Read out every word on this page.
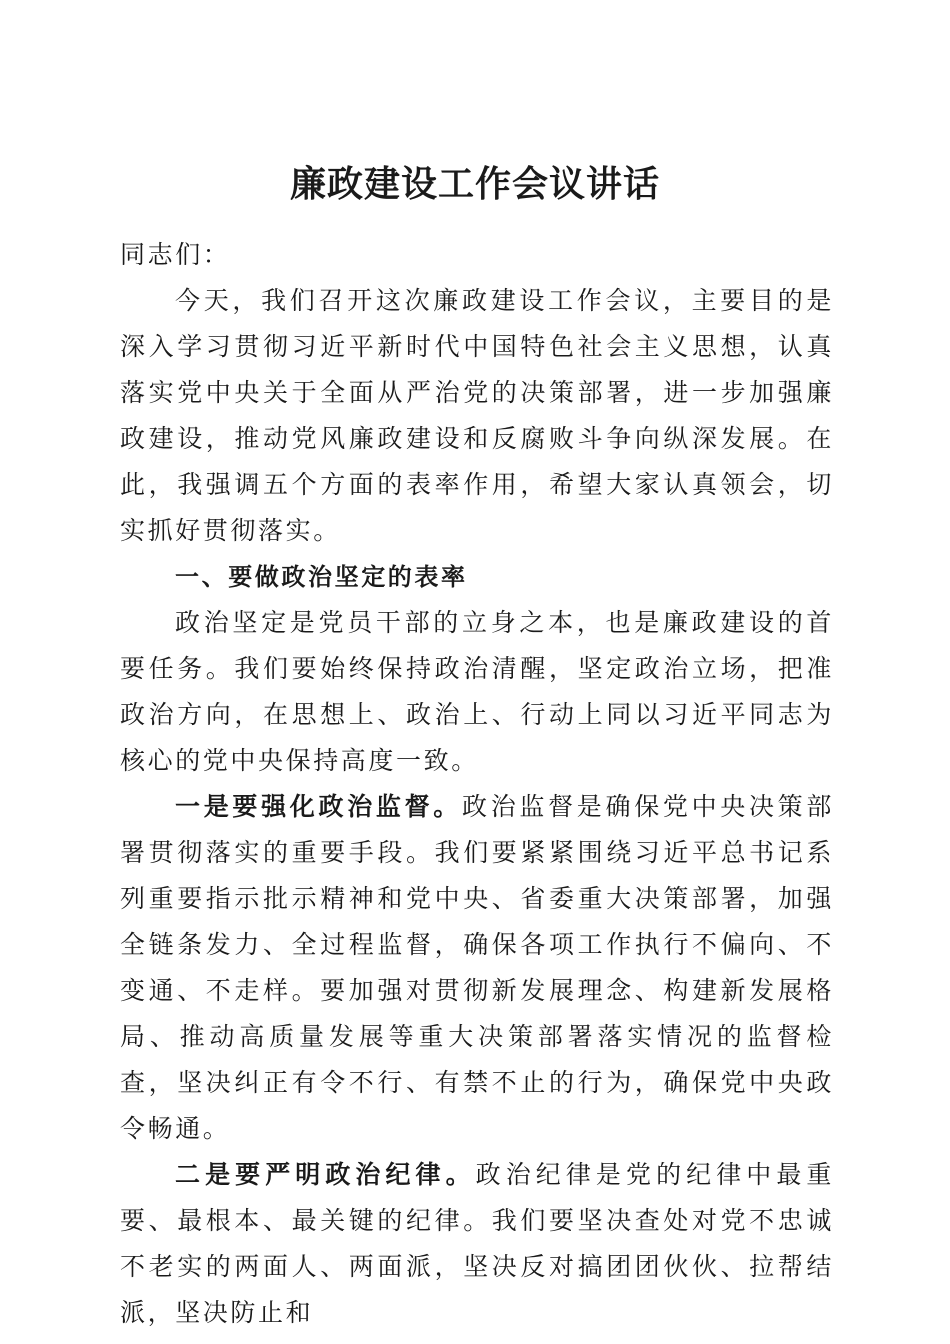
廉政建设工作会议讲话

同志们：

今天，我们召开这次廉政建设工作会议，主要目的是深入学习贯彻习近平新时代中国特色社会主义思想，认真落实党中央关于全面从严治党的决策部署，进一步加强廉政建设，推动党风廉政建设和反腐败斗争向纵深发展。在此，我强调五个方面的表率作用，希望大家认真领会，切实抓好贯彻落实。

一、要做政治坚定的表率

政治坚定是党员干部的立身之本，也是廉政建设的首要任务。我们要始终保持政治清醒，坚定政治立场，把准政治方向，在思想上、政治上、行动上同以习近平同志为核心的党中央保持高度一致。

一是要强化政治监督。政治监督是确保党中央决策部署贯彻落实的重要手段。我们要紧紧围绕习近平总书记系列重要指示批示精神和党中央、省委重大决策部署，加强全链条发力、全过程监督，确保各项工作执行不偏向、不变通、不走样。要加强对贯彻新发展理念、构建新发展格局、推动高质量发展等重大决策部署落实情况的监督检查，坚决纠正有令不行、有禁不止的行为，确保党中央政令畅通。

二是要严明政治纪律。政治纪律是党的纪律中最重要、最根本、最关键的纪律。我们要坚决查处对党不忠诚不老实的两面人、两面派，坚决反对搞团团伙伙、拉帮结派，坚决防止和
